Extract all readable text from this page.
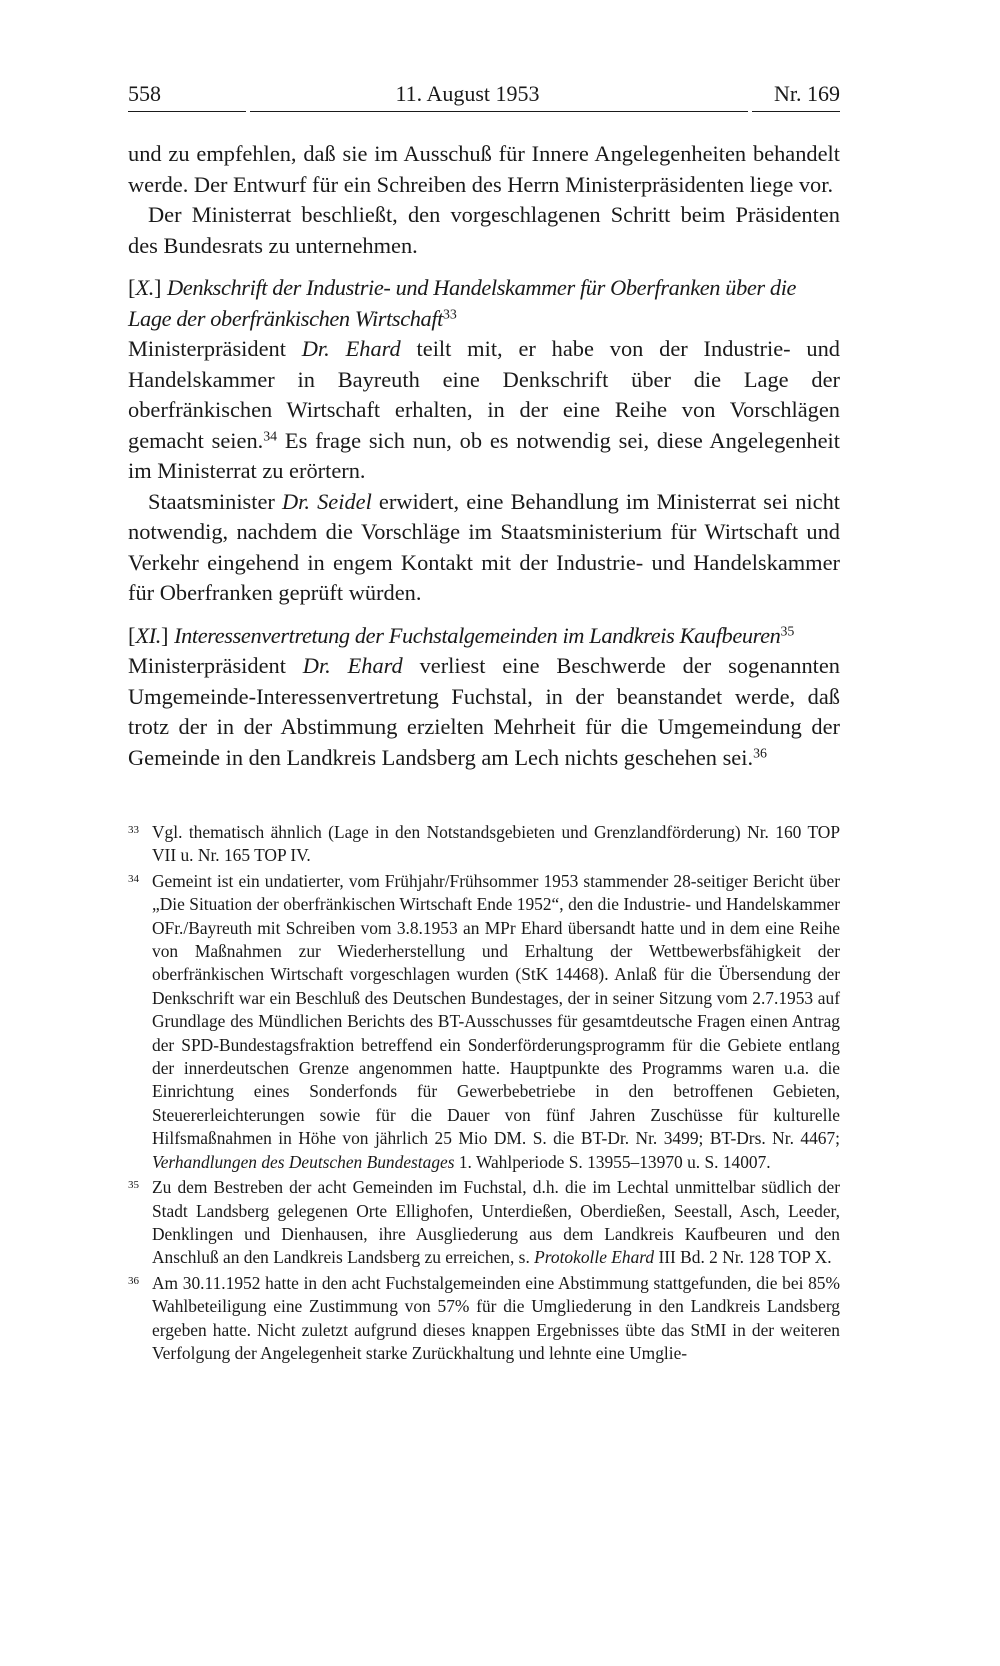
558	11. August 1953	Nr. 169

und zu empfehlen, daß sie im Ausschuß für Innere Angelegenheiten behandelt werde. Der Entwurf für ein Schreiben des Herrn Ministerpräsidenten liege vor.

Der Ministerrat beschließt, den vorgeschlagenen Schritt beim Präsidenten des Bundesrats zu unternehmen.

[X.] Denkschrift der Industrie- und Handelskammer für Oberfranken über die Lage der oberfränkischen Wirtschaft$^{33}$

Ministerpräsident Dr. Ehard teilt mit, er habe von der Industrie- und Handelskammer in Bayreuth eine Denkschrift über die Lage der oberfränkischen Wirtschaft erhalten, in der eine Reihe von Vorschlägen gemacht seien.$^{34}$ Es frage sich nun, ob es notwendig sei, diese Angelegenheit im Ministerrat zu erörtern.

Staatsminister Dr. Seidel erwidert, eine Behandlung im Ministerrat sei nicht notwendig, nachdem die Vorschläge im Staatsministerium für Wirtschaft und Verkehr eingehend in engem Kontakt mit der Industrie- und Handelskammer für Oberfranken geprüft würden.

[XI.] Interessenvertretung der Fuchstalgemeinden im Landkreis Kaufbeuren$^{35}$

Ministerpräsident Dr. Ehard verliest eine Beschwerde der sogenannten Umgemeinde-Interessenvertretung Fuchstal, in der beanstandet werde, daß trotz der in der Abstimmung erzielten Mehrheit für die Umgemeindung der Gemeinde in den Landkreis Landsberg am Lech nichts geschehen sei.$^{36}$

33 Vgl. thematisch ähnlich (Lage in den Notstandsgebieten und Grenzlandförderung) Nr. 160 TOP VII u. Nr. 165 TOP IV.
34 Gemeint ist ein undatierter, vom Frühjahr/Frühsommer 1953 stammender 28-seitiger Bericht über „Die Situation der oberfränkischen Wirtschaft Ende 1952“, den die Industrie- und Handelskammer OFr./Bayreuth mit Schreiben vom 3.8.1953 an MPr Ehard übersandt hatte und in dem eine Reihe von Maßnahmen zur Wiederherstellung und Erhaltung der Wettbewerbsfähigkeit der oberfränkischen Wirtschaft vorgeschlagen wurden (StK 14468). Anlaß für die Übersendung der Denkschrift war ein Beschluß des Deutschen Bundestages, der in seiner Sitzung vom 2.7.1953 auf Grundlage des Mündlichen Berichts des BT-Ausschusses für gesamtdeutsche Fragen einen Antrag der SPD-Bundestagsfraktion betreffend ein Sonderförderungsprogramm für die Gebiete entlang der innerdeutschen Grenze angenommen hatte. Hauptpunkte des Programms waren u.a. die Einrichtung eines Sonderfonds für Gewerbebetriebe in den betroffenen Gebieten, Steuererleichterungen sowie für die Dauer von fünf Jahren Zuschüsse für kulturelle Hilfsmaßnahmen in Höhe von jährlich 25 Mio DM. S. die BT-Dr. Nr. 3499; BT-Drs. Nr. 4467; Verhandlungen des Deutschen Bundestages 1. Wahlperiode S. 13955–13970 u. S. 14007.
35 Zu dem Bestreben der acht Gemeinden im Fuchstal, d.h. die im Lechtal unmittelbar südlich der Stadt Landsberg gelegenen Orte Ellighofen, Unterdießen, Oberdießen, Seestall, Asch, Leeder, Denklingen und Dienhausen, ihre Ausgliederung aus dem Landkreis Kaufbeuren und den Anschluß an den Landkreis Landsberg zu erreichen, s. Protokolle Ehard III Bd. 2 Nr. 128 TOP X.
36 Am 30.11.1952 hatte in den acht Fuchstalgemeinden eine Abstimmung stattgefunden, die bei 85% Wahlbeteiligung eine Zustimmung von 57% für die Umgliederung in den Landkreis Landsberg ergeben hatte. Nicht zuletzt aufgrund dieses knappen Ergebnisses übte das StMI in der weiteren Verfolgung der Angelegenheit starke Zurückhaltung und lehnte eine Umglie-
